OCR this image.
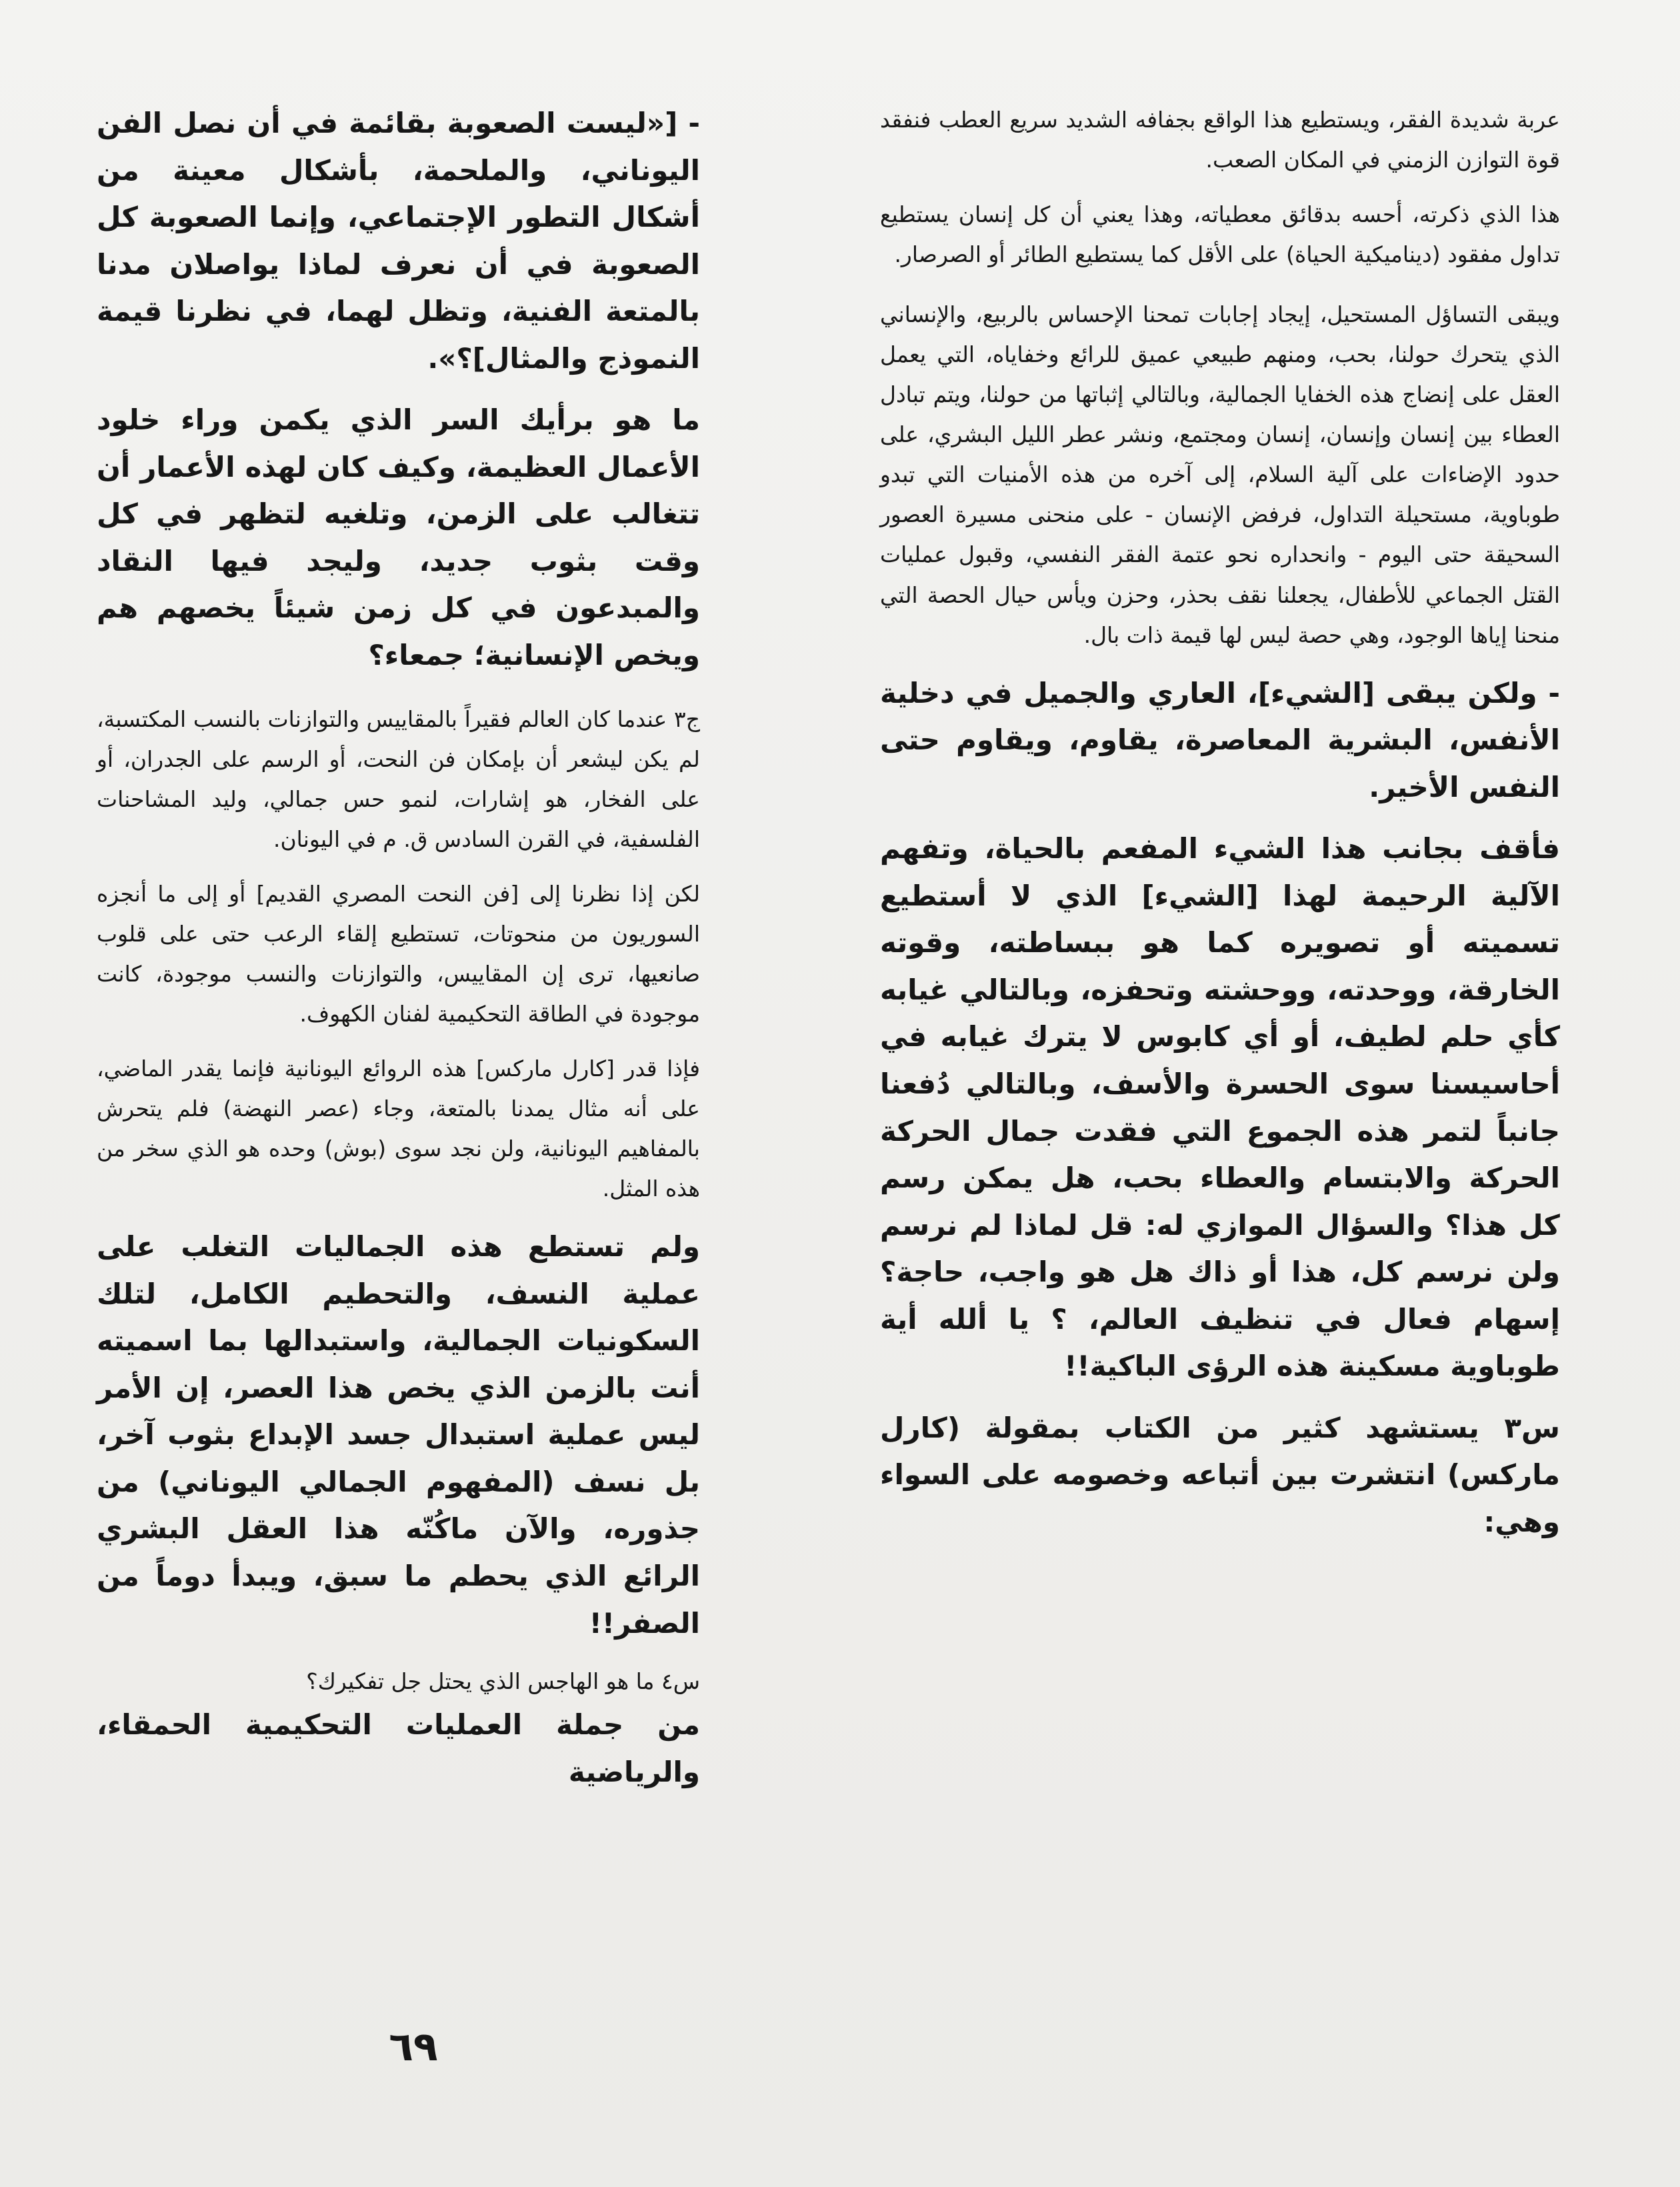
عربة شديدة الفقر، ويستطيع هذا الواقع بجفافه الشديد سريع العطب فنفقد قوة التوازن الزمني في المكان الصعب.

هذا الذي ذكرته، أحسه بدقائق معطياته، وهذا يعني أن كل إنسان يستطيع تداول مفقود (ديناميكية الحياة) على الأقل كما يستطيع الطائر أو الصرصار.

ويبقى التساؤل المستحيل، إيجاد إجابات تمحنا الإحساس بالربيع، والإنساني الذي يتحرك حولنا، بحب، ومنهم طبيعي عميق للرائع وخفاياه، التي يعمل العقل على إنضاج هذه الخفايا الجمالية، وبالتالي إثباتها من حولنا، ويتم تبادل العطاء بين إنسان وإنسان، إنسان ومجتمع، ونشر عطر الليل البشري، على حدود الإضاءات على آلية السلام، إلى آخره من هذه الأمنيات التي تبدو طوباوية، مستحيلة التداول، فرفض الإنسان - على منحنى مسيرة العصور السحيقة حتى اليوم - وانحداره نحو عتمة الفقر النفسي، وقبول عمليات القتل الجماعي للأطفال، يجعلنا نقف بحذر، وحزن ويأس حيال الحصة التي منحنا إياها الوجود، وهي حصة ليس لها قيمة ذات بال.

- ولكن يبقى [الشيء]، العاري والجميل في دخلية الأنفس، البشرية المعاصرة، يقاوم، ويقاوم حتى النفس الأخير.

فأقف بجانب هذا الشيء المفعم بالحياة، وتفهم الآلية الرحيمة لهذا [الشيء] الذي لا أستطيع تسميته أو تصويره كما هو ببساطته، وقوته الخارقة، ووحدته، ووحشته وتحفزه، وبالتالي غيابه كأي حلم لطيف، أو أي كابوس لا يترك غيابه في أحاسيسنا سوى الحسرة والأسف، وبالتالي دُفعنا جانباً لتمر هذه الجموع التي فقدت جمال الحركة الحركة والابتسام والعطاء بحب، هل يمكن رسم كل هذا؟ والسؤال الموازي له: قل لماذا لم نرسم ولن نرسم كل، هذا أو ذاك هل هو واجب، حاجة؟ إسهام فعال في تنظيف العالم، ؟ يا ألله أية طوباوية مسكينة هذه الرؤى الباكية!!

س٣ يستشهد كثير من الكتاب بمقولة (كارل ماركس) انتشرت بين أتباعه وخصومه على السواء وهي:

- [«ليست الصعوبة بقائمة في أن نصل الفن اليوناني، والملحمة، بأشكال معينة من أشكال التطور الإجتماعي، وإنما الصعوبة كل الصعوبة في أن نعرف لماذا يواصلان مدنا بالمتعة الفنية، وتظل لهما، في نظرنا قيمة النموذج والمثال]؟».

ما هو برأيك السر الذي يكمن وراء خلود الأعمال العظيمة، وكيف كان لهذه الأعمار أن تتغالب على الزمن، وتلغيه لتظهر في كل وقت بثوب جديد، وليجد فيها النقاد والمبدعون في كل زمن شيئاً يخصهم هم ويخص الإنسانية؛ جمعاء؟

ج٣ عندما كان العالم فقيراً بالمقاييس والتوازنات بالنسب المكتسبة، لم يكن ليشعر أن بإمكان فن النحت، أو الرسم على الجدران، أو على الفخار، هو إشارات، لنمو حس جمالي، وليد المشاحنات الفلسفية، في القرن السادس ق. م في اليونان.

لكن إذا نظرنا إلى [فن النحت المصري القديم] أو إلى ما أنجزه السوريون من منحوتات، تستطيع إلقاء الرعب حتى على قلوب صانعيها، ترى إن المقاييس، والتوازنات والنسب موجودة، كانت موجودة في الطاقة التحكيمية لفنان الكهوف.

فإذا قدر [كارل ماركس] هذه الروائع اليونانية فإنما يقدر الماضي، على أنه مثال يمدنا بالمتعة، وجاء (عصر النهضة) فلم يتحرش بالمفاهيم اليونانية، ولن نجد سوى (بوش) وحده هو الذي سخر من هذه المثل.

ولم تستطع هذه الجماليات التغلب على عملية النسف، والتحطيم الكامل، لتلك السكونيات الجمالية، واستبدالها بما اسميته أنت بالزمن الذي يخص هذا العصر، إن الأمر ليس عملية استبدال جسد الإبداع بثوب آخر، بل نسف (المفهوم الجمالي اليوناني) من جذوره، والآن ماكُنّه هذا العقل البشري الرائع الذي يحطم ما سبق، ويبدأ دوماً من الصفر!!

س٤ ما هو الهاجس الذي يحتل جل تفكيرك؟

من جملة العمليات التحكيمية الحمقاء، والرياضية

٦٩
